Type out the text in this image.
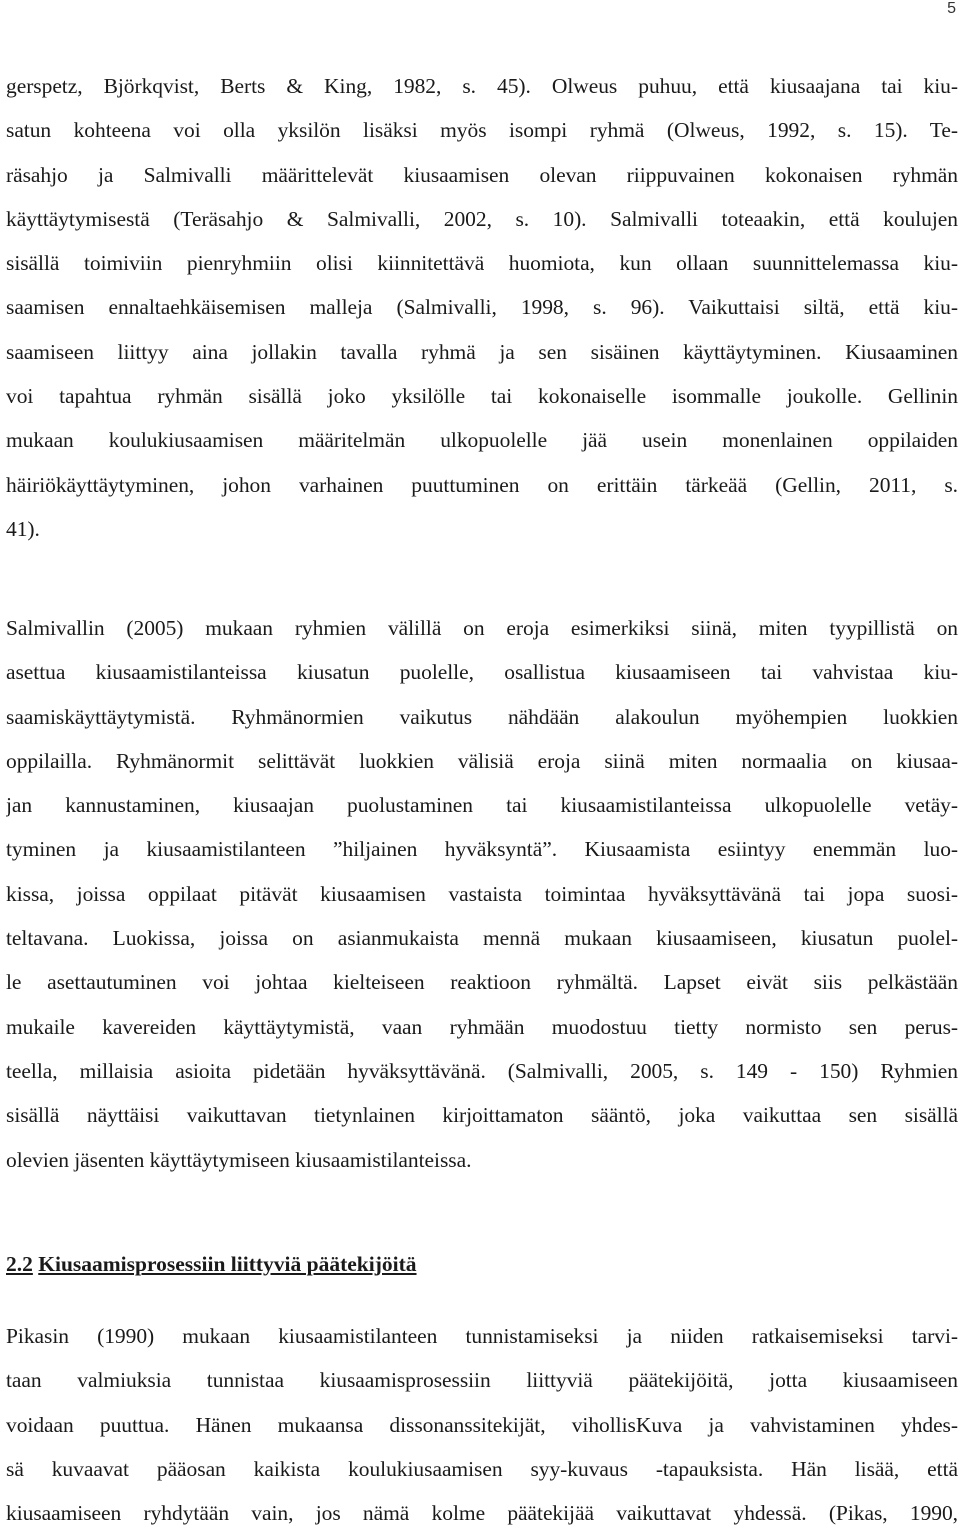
5
gerspetz, Björkqvist, Berts & King, 1982, s. 45). Olweus puhuu, että kiusaajana tai kiu-
satun kohteena voi olla yksilön lisäksi myös isompi ryhmä (Olweus, 1992, s. 15). Te-
räsahjo ja Salmivalli määrittelevät kiusaamisen olevan riippuvainen kokonaisen ryhmän
käyttäytymisestä (Teräsahjo & Salmivalli, 2002, s. 10). Salmivalli toteaakin, että koulujen
sisällä toimiviin pienryhmiin olisi kiinnitettävä huomiota, kun ollaan suunnittelemassa kiu-
saamisen ennaltaehkäisemisen malleja (Salmivalli, 1998, s. 96). Vaikuttaisi siltä, että kiu-
saamiseen liittyy aina jollakin tavalla ryhmä ja sen sisäinen käyttäytyminen. Kiusaaminen
voi tapahtua ryhmän sisällä joko yksilölle tai kokonaiselle isommalle joukolle. Gellinin
mukaan koulukiusaamisen määritelmän ulkopuolelle jää usein monenlainen oppilaiden
häiriökäyttäytyminen, johon varhainen puuttuminen on erittäin tärkeää (Gellin, 2011, s.
41).
Salmivallin (2005) mukaan ryhmien välillä on eroja esimerkiksi siinä, miten tyypillistä on
asettua kiusaamistilanteissa kiusatun puolelle, osallistua kiusaamiseen tai vahvistaa kiu-
saamiskäyttäytymistä. Ryhmänormien vaikutus nähdään alakoulun myöhempien luokkien
oppilailla. Ryhmänormit selittävät luokkien välisiä eroja siinä miten normaalia on kiusaa-
jan kannustaminen, kiusaajan puolustaminen tai kiusaamistilanteissa ulkopuolelle vetäy-
tyminen ja kiusaamistilanteen ”hiljainen hyväksyntä”. Kiusaamista esiintyy enemmän luo-
kissa, joissa oppilaat pitävät kiusaamisen vastaista toimintaa hyväksyttävänä tai jopa suosi-
teltavana. Luokissa, joissa on asianmukaista mennä mukaan kiusaamiseen, kiusatun puolel-
le asettautuminen voi johtaa kielteiseen reaktioon ryhmältä. Lapset eivät siis pelkästään
mukaile kavereiden käyttäytymistä, vaan ryhmään muodostuu tietty normisto sen perus-
teella, millaisia asioita pidetään hyväksyttävänä. (Salmivalli, 2005, s. 149 - 150) Ryhmien
sisällä näyttäisi vaikuttavan tietynlainen kirjoittamaton sääntö, joka vaikuttaa sen sisällä
olevien jäsenten käyttäytymiseen kiusaamistilanteissa.
2.2 Kiusaamisprosessiin liittyviä päätekijöitä
Pikasin (1990) mukaan kiusaamistilanteen tunnistamiseksi ja niiden ratkaisemiseksi tarvi-
taan valmiuksia tunnistaa kiusaamisprosessiin liittyviä päätekijöitä, jotta kiusaamiseen
voidaan puuttua. Hänen mukaansa dissonanssitekijät, vihollisKuva ja vahvistaminen yhdes-
sä kuvaavat pääosan kaikista koulukiusaamisen syy-kuvaus -tapauksista. Hän lisää, että
kiusaamiseen ryhdytään vain, jos nämä kolme päätekijää vaikuttavat yhdessä. (Pikas, 1990,
